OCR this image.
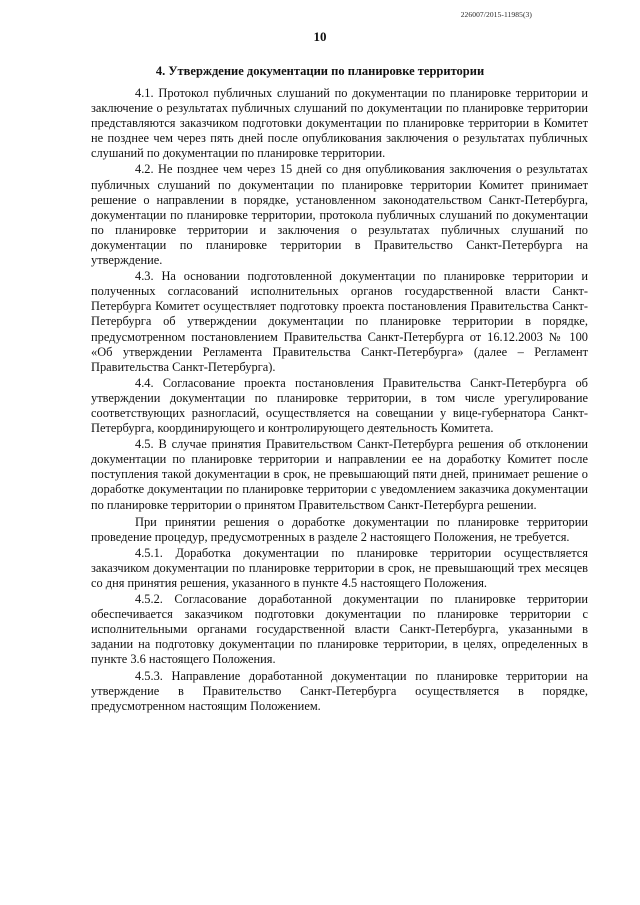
226007/2015-11985(3)
10
4. Утверждение документации по планировке территории

4.1. Протокол публичных слушаний по документации по планировке территории и заключение о результатах публичных слушаний по документации по планировке территории представляются заказчиком подготовки документации по планировке территории в Комитет не позднее чем через пять дней после опубликования заключения о результатах публичных слушаний по документации по планировке территории.

4.2. Не позднее чем через 15 дней со дня опубликования заключения о результатах публичных слушаний по документации по планировке территории Комитет принимает решение о направлении в порядке, установленном законодательством Санкт-Петербурга, документации по планировке территории, протокола публичных слушаний по документации по планировке территории и заключения о результатах публичных слушаний по документации по планировке территории в Правительство Санкт-Петербурга на утверждение.

4.3. На основании подготовленной документации по планировке территории и полученных согласований исполнительных органов государственной власти Санкт-Петербурга Комитет осуществляет подготовку проекта постановления Правительства Санкт-Петербурга об утверждении документации по планировке территории в порядке, предусмотренном постановлением Правительства Санкт-Петербурга от 16.12.2003 № 100 «Об утверждении Регламента Правительства Санкт-Петербурга» (далее – Регламент Правительства Санкт-Петербурга).

4.4. Согласование проекта постановления Правительства Санкт-Петербурга об утверждении документации по планировке территории, в том числе урегулирование соответствующих разногласий, осуществляется на совещании у вице-губернатора Санкт-Петербурга, координирующего и контролирующего деятельность Комитета.

4.5. В случае принятия Правительством Санкт-Петербурга решения об отклонении документации по планировке территории и направлении ее на доработку Комитет после поступления такой документации в срок, не превышающий пяти дней, принимает решение о доработке документации по планировке территории с уведомлением заказчика документации по планировке территории о принятом Правительством Санкт-Петербурга решении.

При принятии решения о доработке документации по планировке территории проведение процедур, предусмотренных в разделе 2 настоящего Положения, не требуется.

4.5.1. Доработка документации по планировке территории осуществляется заказчиком документации по планировке территории в срок, не превышающий трех месяцев со дня принятия решения, указанного в пункте 4.5 настоящего Положения.

4.5.2. Согласование доработанной документации по планировке территории обеспечивается заказчиком подготовки документации по планировке территории с исполнительными органами государственной власти Санкт-Петербурга, указанными в задании на подготовку документации по планировке территории, в целях, определенных в пункте 3.6 настоящего Положения.

4.5.3. Направление доработанной документации по планировке территории на утверждение в Правительство Санкт-Петербурга осуществляется в порядке, предусмотренном настоящим Положением.
